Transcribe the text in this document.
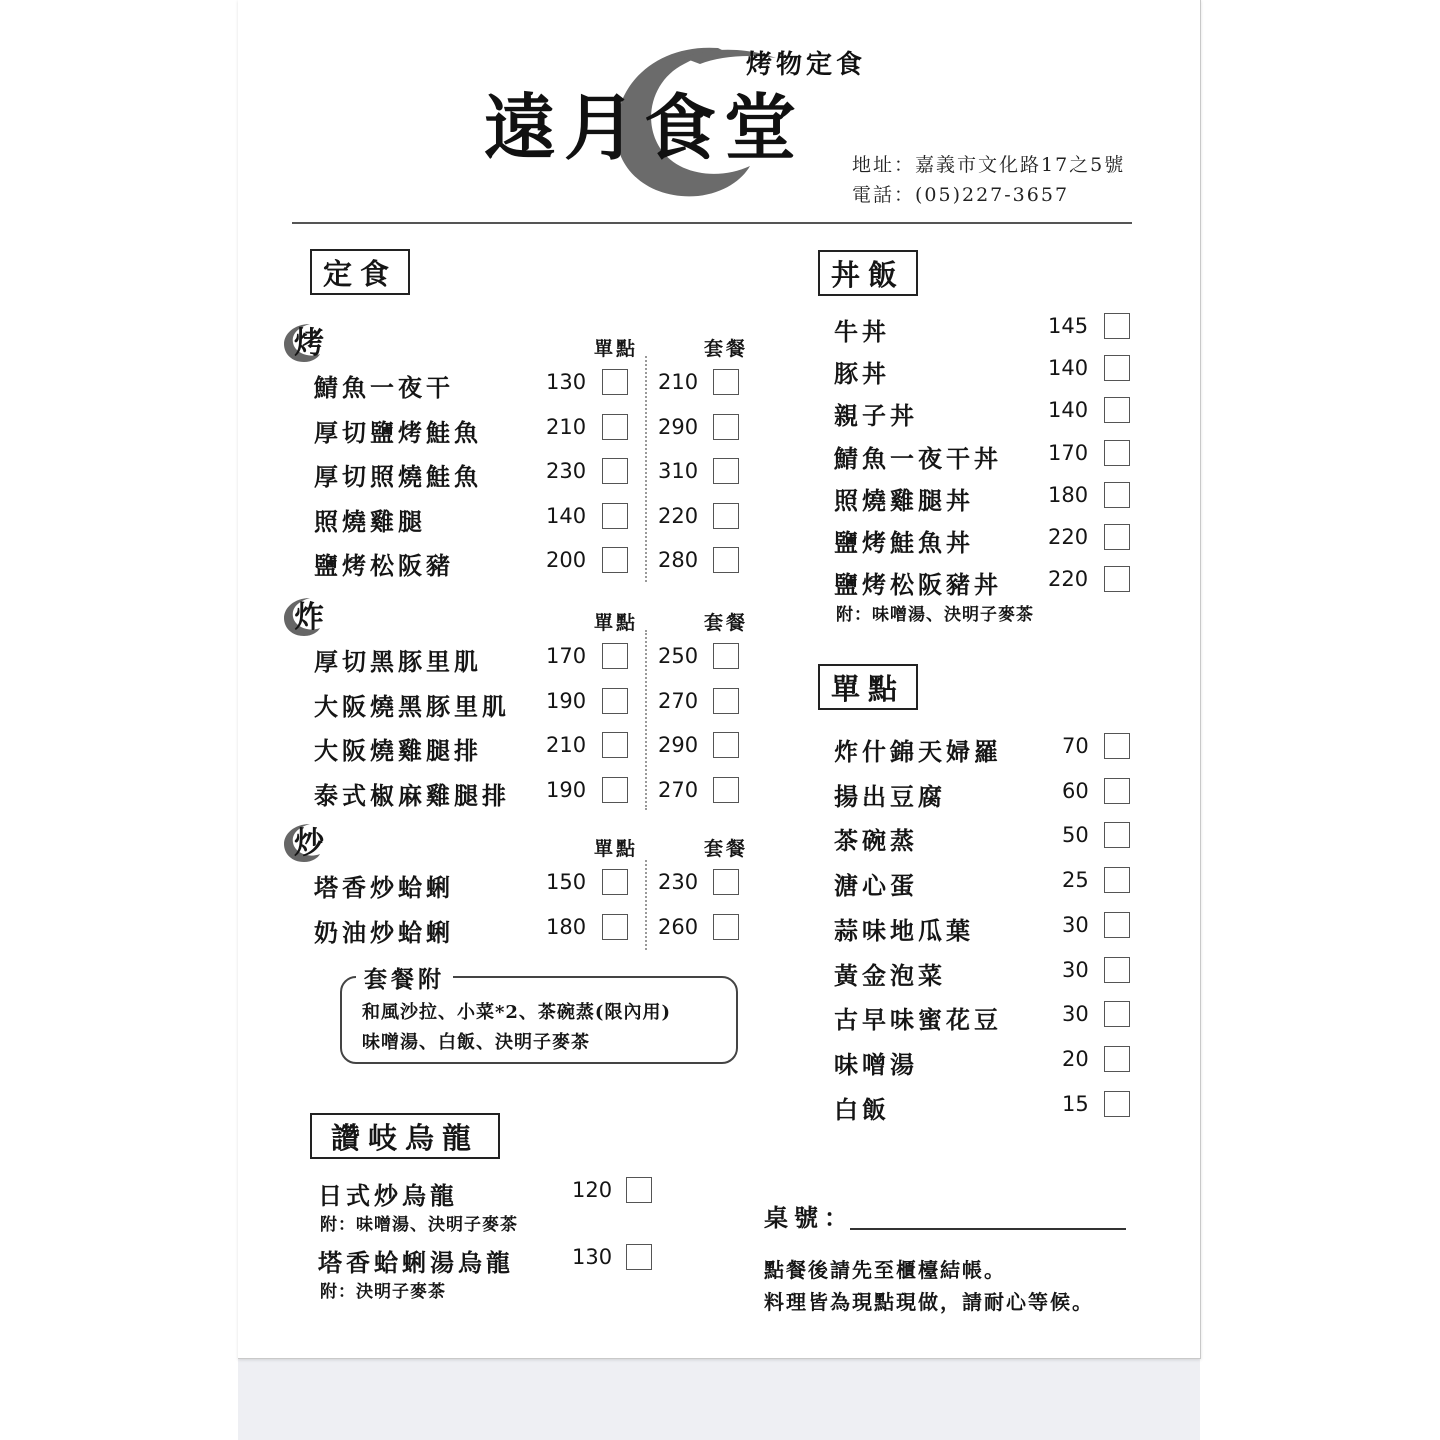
遠月食堂
烤物定食
地址：嘉義市文化路17之5號
電話：(05)227-3657
定食
烤	單點	套餐
鯖魚一夜干	130	210
厚切鹽烤鮭魚	210	290
厚切照燒鮭魚	230	310
照燒雞腿	140	220
鹽烤松阪豬	200	280
炸	單點	套餐
厚切黑豚里肌	170	250
大阪燒黑豚里肌 190	270
大阪燒雞腿排	210	290
泰式椒麻雞腿排 190	270
炒	單點	套餐
塔香炒蛤蜊	150	230
奶油炒蛤蜊	180	260
套餐附
和風沙拉、小菜*2、茶碗蒸(限內用)
味噌湯、白飯、決明子麥茶
讚岐烏龍
日式炒烏龍	120
附：味噌湯、決明子麥茶
塔香蛤蜊湯烏龍	130
附：決明子麥茶
丼飯
牛丼	145
豚丼	140
親子丼	140
鯖魚一夜干丼 170
照燒雞腿丼	180
鹽烤鮭魚丼	220
鹽烤松阪豬丼 220
附：味噌湯、決明子麥茶
單點
炸什錦天婦羅	70
揚出豆腐	60
茶碗蒸	50
溏心蛋	25
蒜味地瓜葉	30
黃金泡菜	30
古早味蜜花豆	30
味噌湯	20
白飯	15
桌號：
點餐後請先至櫃檯結帳。
料理皆為現點現做，請耐心等候。
